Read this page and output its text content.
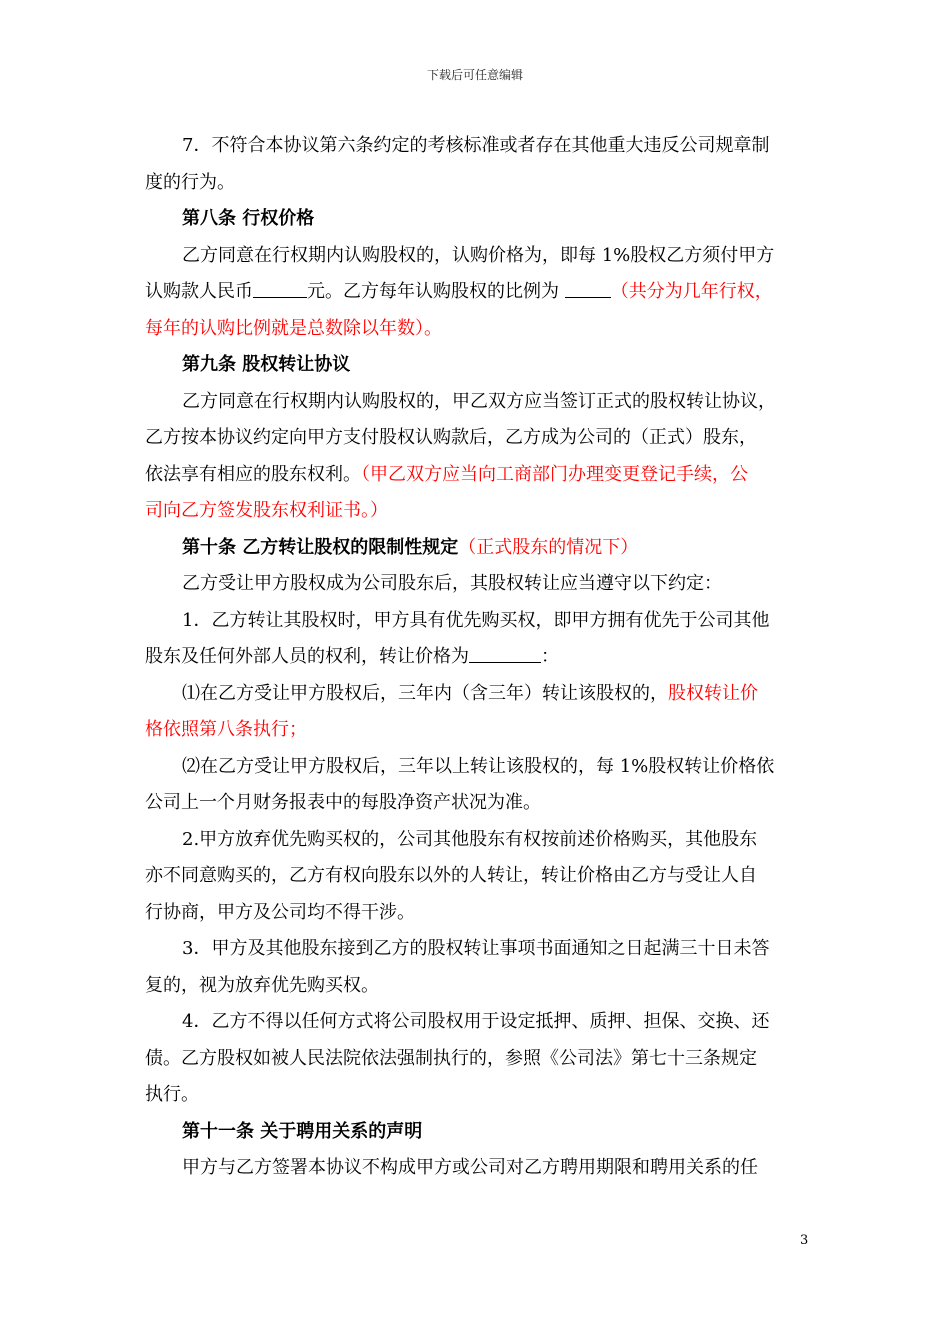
下载后可任意编辑
7．不符合本协议第六条约定的考核标准或者存在其他重大违反公司规章制
度的行为。
第八条 行权价格
乙方同意在行权期内认购股权的，认购价格为，即每 1%股权乙方须付甲方
认购款人民币	元。乙方每年认购股权的比例为	（共分为几年行权，
每年的认购比例就是总数除以年数）。
第九条 股权转让协议
乙方同意在行权期内认购股权的，甲乙双方应当签订正式的股权转让协议，
乙方按本协议约定向甲方支付股权认购款后，乙方成为公司的（正式）股东，
依法享有相应的股东权利。（甲乙双方应当向工商部门办理变更登记手续，公
司向乙方签发股东权利证书。）
第十条 乙方转让股权的限制性规定（正式股东的情况下）
乙方受让甲方股权成为公司股东后，其股权转让应当遵守以下约定：
1．乙方转让其股权时，甲方具有优先购买权，即甲方拥有优先于公司其他
股东及任何外部人员的权利，转让价格为	：
⑴在乙方受让甲方股权后，三年内（含三年）转让该股权的，股权转让价
格依照第八条执行；
⑵在乙方受让甲方股权后，三年以上转让该股权的，每 1%股权转让价格依
公司上一个月财务报表中的每股净资产状况为准。
2.甲方放弃优先购买权的，公司其他股东有权按前述价格购买，其他股东
亦不同意购买的，乙方有权向股东以外的人转让，转让价格由乙方与受让人自
行协商，甲方及公司均不得干涉。
3．甲方及其他股东接到乙方的股权转让事项书面通知之日起满三十日未答
复的，视为放弃优先购买权。
4．乙方不得以任何方式将公司股权用于设定抵押、质押、担保、交换、还
债。乙方股权如被人民法院依法强制执行的，参照《公司法》第七十三条规定
执行。
第十一条 关于聘用关系的声明
甲方与乙方签署本协议不构成甲方或公司对乙方聘用期限和聘用关系的任
3
